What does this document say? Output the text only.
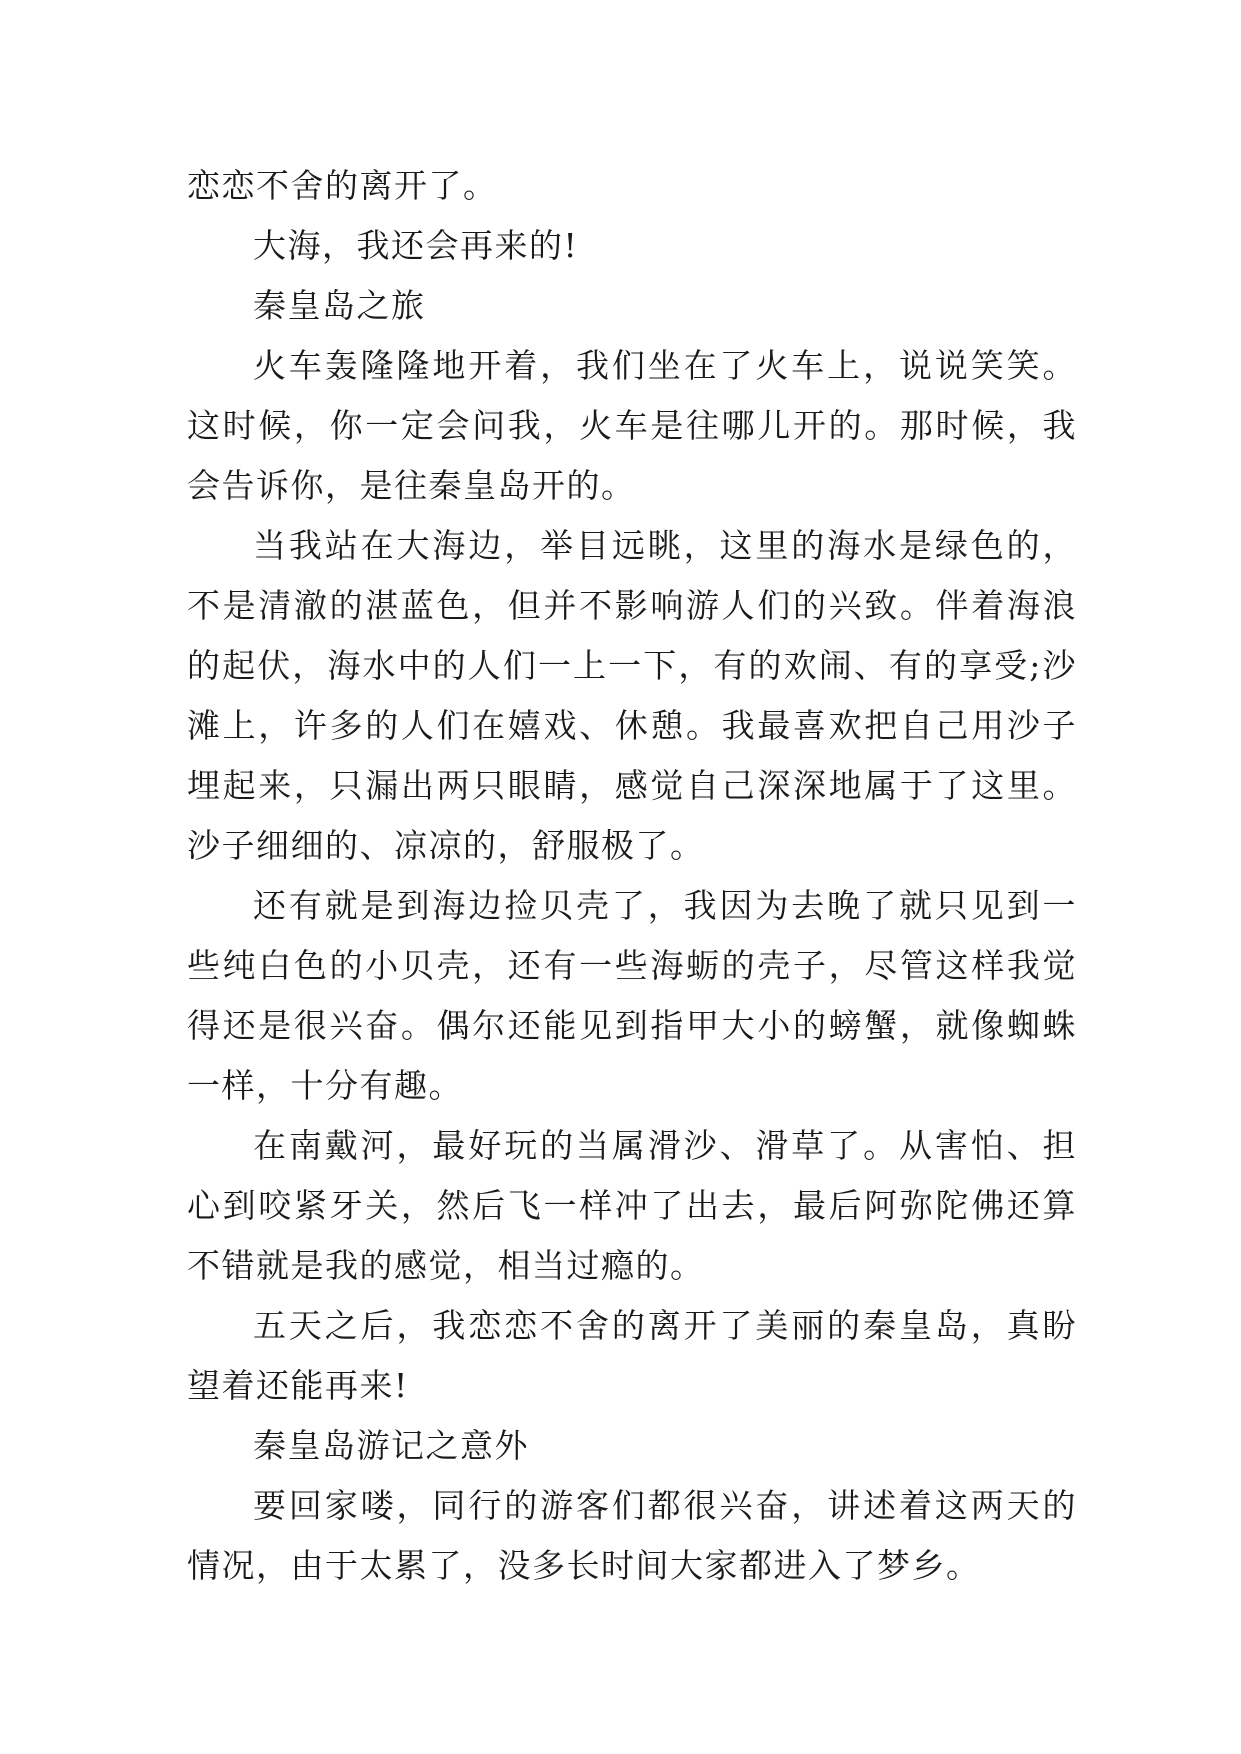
恋恋不舍的离开了。

大海，我还会再来的!

秦皇岛之旅

火车轰隆隆地开着，我们坐在了火车上，说说笑笑。这时候，你一定会问我，火车是往哪儿开的。那时候，我会告诉你，是往秦皇岛开的。

当我站在大海边，举目远眺，这里的海水是绿色的，不是清澈的湛蓝色，但并不影响游人们的兴致。伴着海浪的起伏，海水中的人们一上一下，有的欢闹、有的享受;沙滩上，许多的人们在嬉戏、休憩。我最喜欢把自己用沙子埋起来，只漏出两只眼睛，感觉自己深深地属于了这里。沙子细细的、凉凉的，舒服极了。

还有就是到海边捡贝壳了，我因为去晚了就只见到一些纯白色的小贝壳，还有一些海蛎的壳子，尽管这样我觉得还是很兴奋。偶尔还能见到指甲大小的螃蟹，就像蜘蛛一样，十分有趣。

在南戴河，最好玩的当属滑沙、滑草了。从害怕、担心到咬紧牙关，然后飞一样冲了出去，最后阿弥陀佛还算不错就是我的感觉，相当过瘾的。

五天之后，我恋恋不舍的离开了美丽的秦皇岛，真盼望着还能再来!

秦皇岛游记之意外

要回家喽，同行的游客们都很兴奋，讲述着这两天的情况，由于太累了，没多长时间大家都进入了梦乡。
